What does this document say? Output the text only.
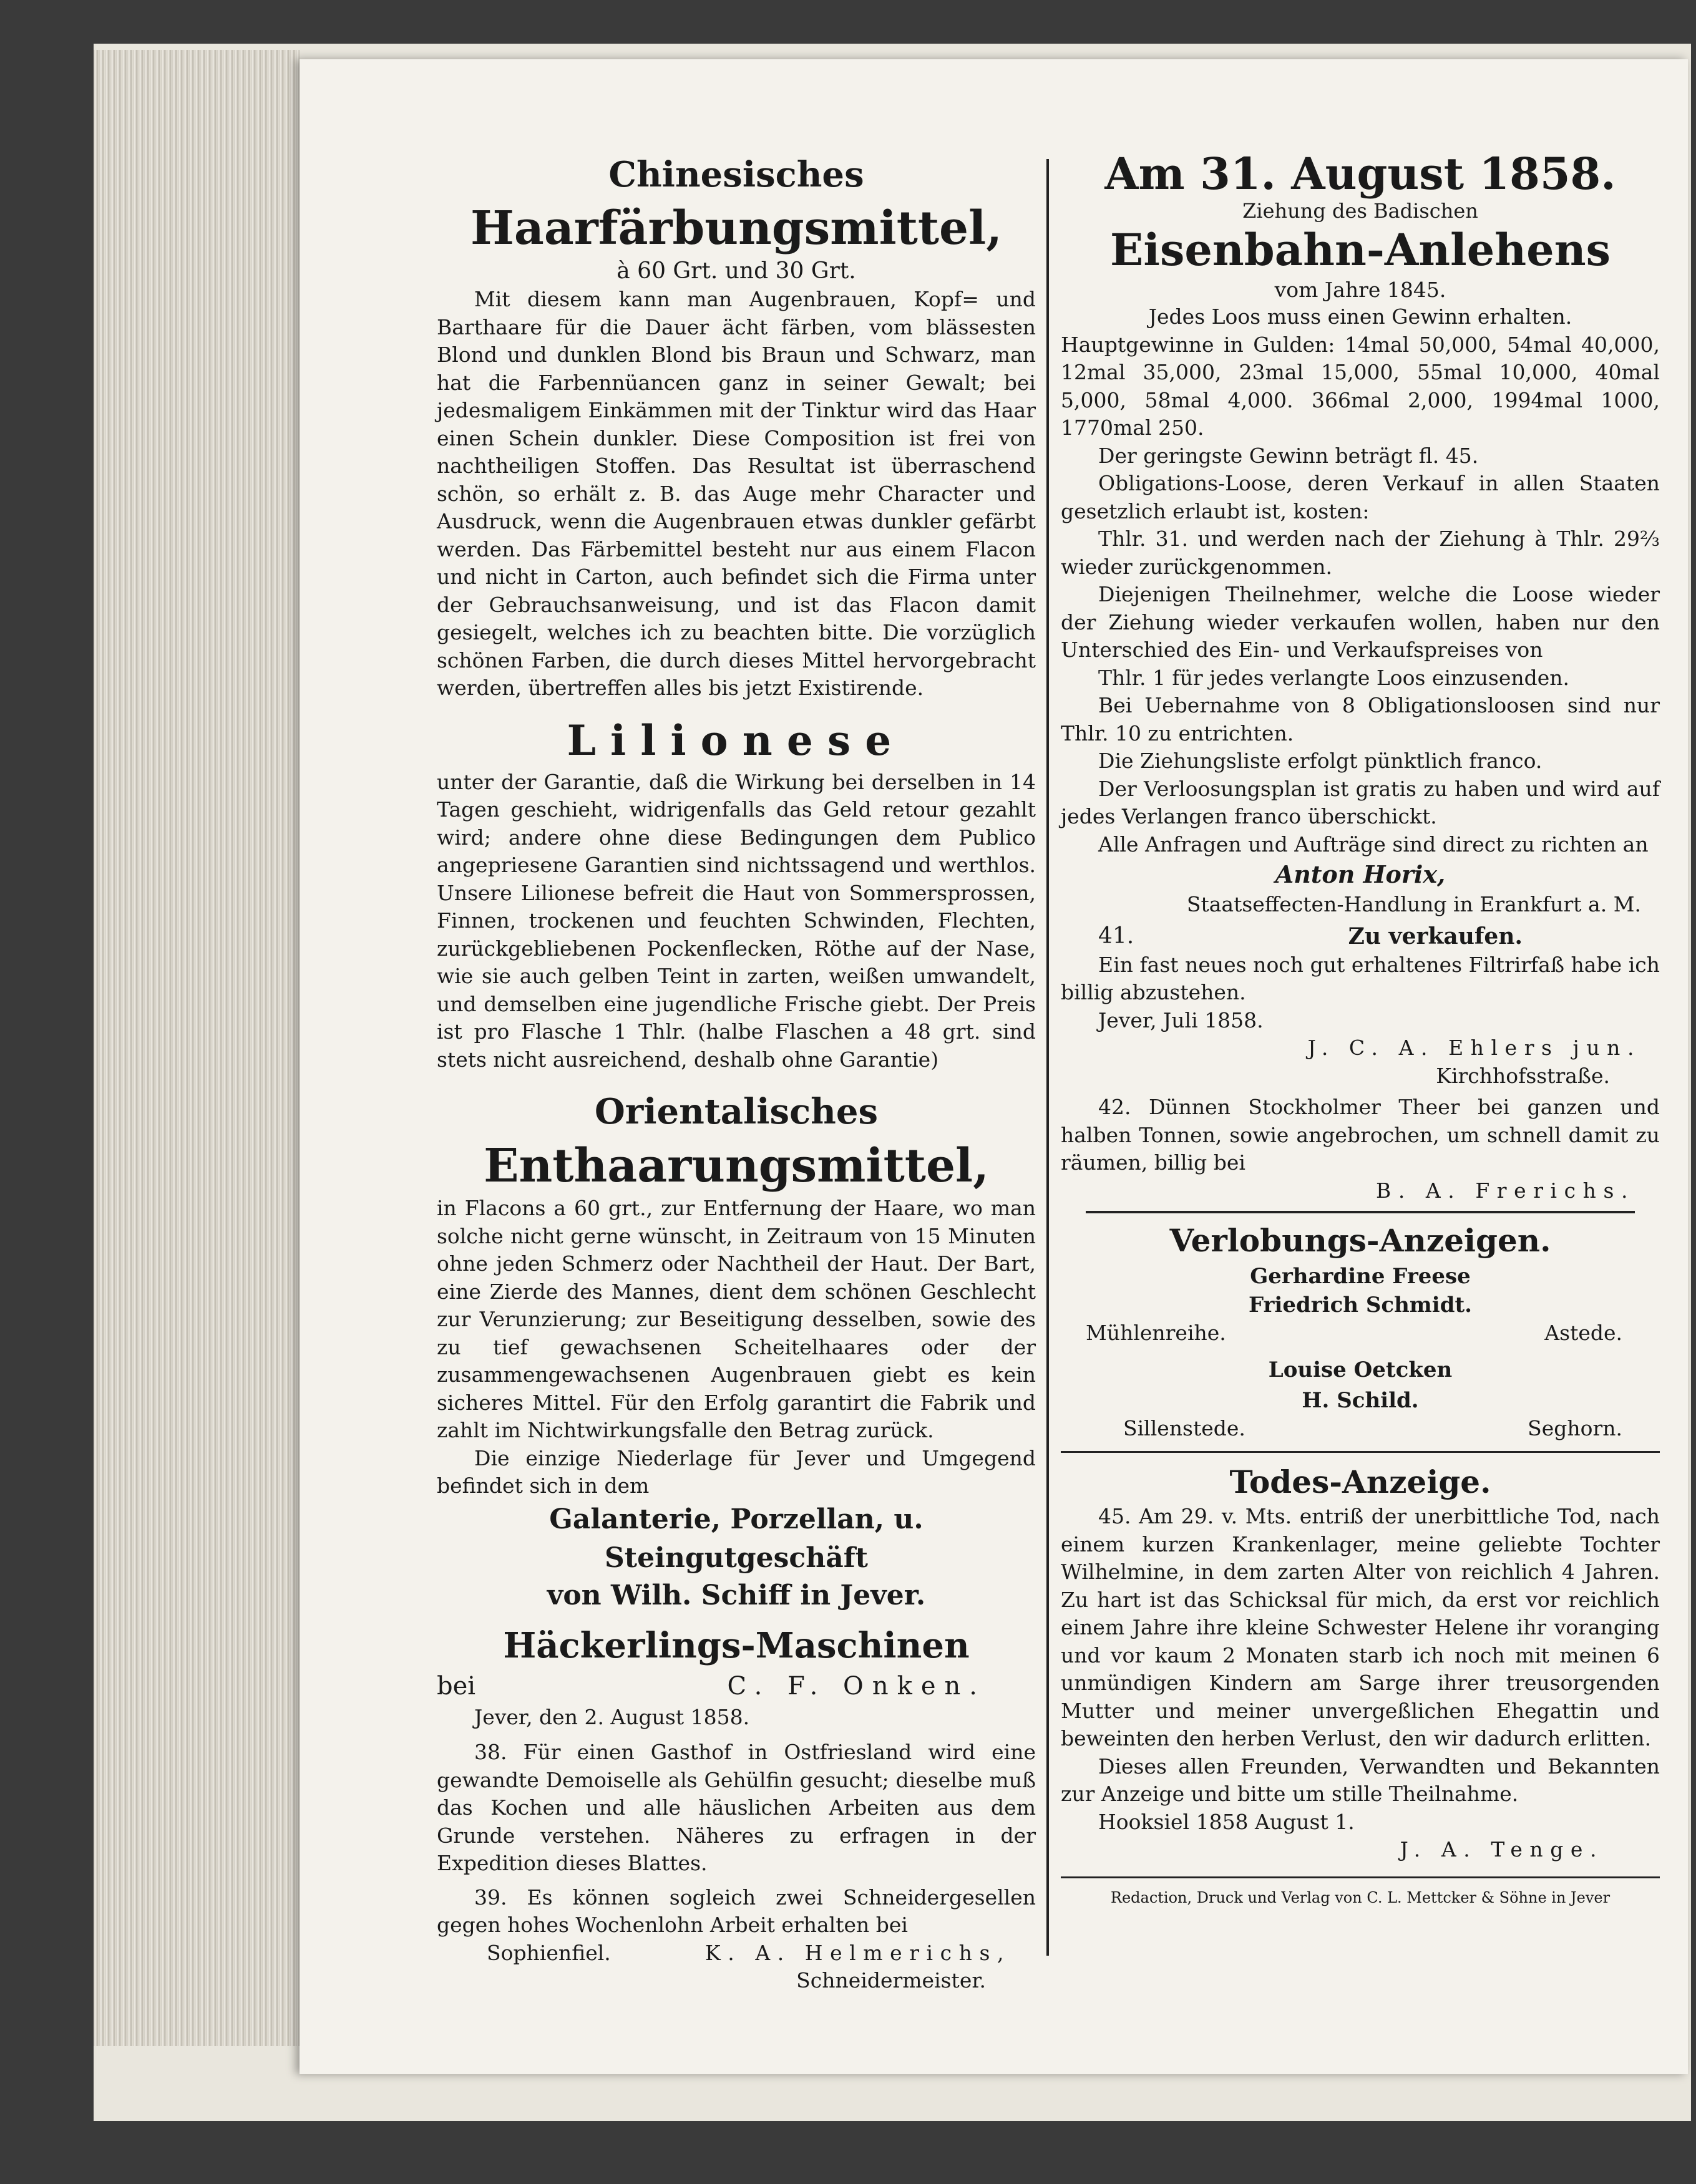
Chinesisches

Haarfärbungsmittel,

à 60 Grt. und 30 Grt.

Mit diesem kann man Augenbrauen, Kopf= und Barthaare für die Dauer ächt färben, vom blässesten Blond und dunklen Blond bis Braun und Schwarz, man hat die Farbennüancen ganz in seiner Gewalt; bei jedesmaligem Einkämmen mit der Tinktur wird das Haar einen Schein dunkler. Diese Composition ist frei von nachtheiligen Stoffen. Das Resultat ist überraschend schön, so erhält z. B. das Auge mehr Character und Ausdruck, wenn die Augenbrauen etwas dunkler gefärbt werden. Das Färbemittel besteht nur aus einem Flacon und nicht in Carton, auch befindet sich die Firma unter der Gebrauchsanweisung, und ist das Flacon damit gesiegelt, welches ich zu beachten bitte. Die vorzüglich schönen Farben, die durch dieses Mittel hervorgebracht werden, übertreffen alles bis jetzt Existirende.

Lilionese

unter der Garantie, daß die Wirkung bei derselben in 14 Tagen geschieht, widrigenfalls das Geld retour gezahlt wird; andere ohne diese Bedingungen dem Publico angepriesene Garantien sind nichtssagend und werthlos. Unsere Lilionese befreit die Haut von Sommersprossen, Finnen, trockenen und feuchten Schwinden, Flechten, zurückgebliebenen Pockenflecken, Röthe auf der Nase, wie sie auch gelben Teint in zarten, weißen umwandelt, und demselben eine jugendliche Frische giebt. Der Preis ist pro Flasche 1 Thlr. (halbe Flaschen a 48 grt. sind stets nicht ausreichend, deshalb ohne Garantie)

Orientalisches

Enthaarungsmittel,

in Flacons a 60 grt., zur Entfernung der Haare, wo man solche nicht gerne wünscht, in Zeitraum von 15 Minuten ohne jeden Schmerz oder Nachtheil der Haut. Der Bart, eine Zierde des Mannes, dient dem schönen Geschlecht zur Verunzierung; zur Beseitigung desselben, sowie des zu tief gewachsenen Scheitelhaares oder der zusammengewachsenen Augenbrauen giebt es kein sicheres Mittel. Für den Erfolg garantirt die Fabrik und zahlt im Nichtwirkungsfalle den Betrag zurück.

Die einzige Niederlage für Jever und Umgegend befindet sich in dem

Galanterie, Porzellan, u. Steingutgeschäft

von Wilh. Schiff in Jever.

Häckerlings-Maschinen

bei	C. F. Onken.

Jever, den 2. August 1858.

38. Für einen Gasthof in Ostfriesland wird eine gewandte Demoiselle als Gehülfin gesucht; dieselbe muß das Kochen und alle häuslichen Arbeiten aus dem Grunde verstehen. Näheres zu erfragen in der Expedition dieses Blattes.

39. Es können sogleich zwei Schneidergesellen gegen hohes Wochenlohn Arbeit erhalten bei

Sophienfiel.	K. A. Helmerichs,

Schneidermeister.

Am 31. August 1858.

Ziehung des Badischen

Eisenbahn-Anlehens

vom Jahre 1845.

Jedes Loos muss einen Gewinn erhalten.

Hauptgewinne in Gulden: 14mal 50,000, 54mal 40,000, 12mal 35,000, 23mal 15,000, 55mal 10,000, 40mal 5,000, 58mal 4,000. 366mal 2,000, 1994mal 1000, 1770mal 250.

Der geringste Gewinn beträgt fl. 45.

Obligations-Loose, deren Verkauf in allen Staaten gesetzlich erlaubt ist, kosten:

Thlr. 31. und werden nach der Ziehung à Thlr. 29⅔ wieder zurückgenommen.

Diejenigen Theilnehmer, welche die Loose wieder der Ziehung wieder verkaufen wollen, haben nur den Unterschied des Ein- und Verkaufspreises von

Thlr. 1 für jedes verlangte Loos einzusenden.

Bei Uebernahme von 8 Obligationsloosen sind nur Thlr. 10 zu entrichten.

Die Ziehungsliste erfolgt pünktlich franco.

Der Verloosungsplan ist gratis zu haben und wird auf jedes Verlangen franco überschickt.

Alle Anfragen und Aufträge sind direct zu richten an

Anton Horix,

Staatseffecten-Handlung in Erankfurt a. M.

41.	Zu verkaufen.

Ein fast neues noch gut erhaltenes Filtrirfaß habe ich billig abzustehen.

Jever, Juli 1858.

J. C. A. Ehlers jun.

Kirchhofsstraße.

42. Dünnen Stockholmer Theer bei ganzen und halben Tonnen, sowie angebrochen, um schnell damit zu räumen, billig bei

B. A. Frerichs.

Verlobungs-Anzeigen.

Gerhardine Freese

Friedrich Schmidt.

Mühlenreihe.	Astede.

Louise Oetcken

H. Schild.

Sillenstede.	Seghorn.

Todes-Anzeige.

45. Am 29. v. Mts. entriß der unerbittliche Tod, nach einem kurzen Krankenlager, meine geliebte Tochter Wilhelmine, in dem zarten Alter von reichlich 4 Jahren. Zu hart ist das Schicksal für mich, da erst vor reichlich einem Jahre ihre kleine Schwester Helene ihr voranging und vor kaum 2 Monaten starb ich noch mit meinen 6 unmündigen Kindern am Sarge ihrer treusorgenden Mutter und meiner unvergeßlichen Ehegattin und beweinten den herben Verlust, den wir dadurch erlitten.

Dieses allen Freunden, Verwandten und Bekannten zur Anzeige und bitte um stille Theilnahme.

Hooksiel 1858 August 1.

J. A. Tenge.

Redaction, Druck und Verlag von C. L. Mettcker & Söhne in Jever
